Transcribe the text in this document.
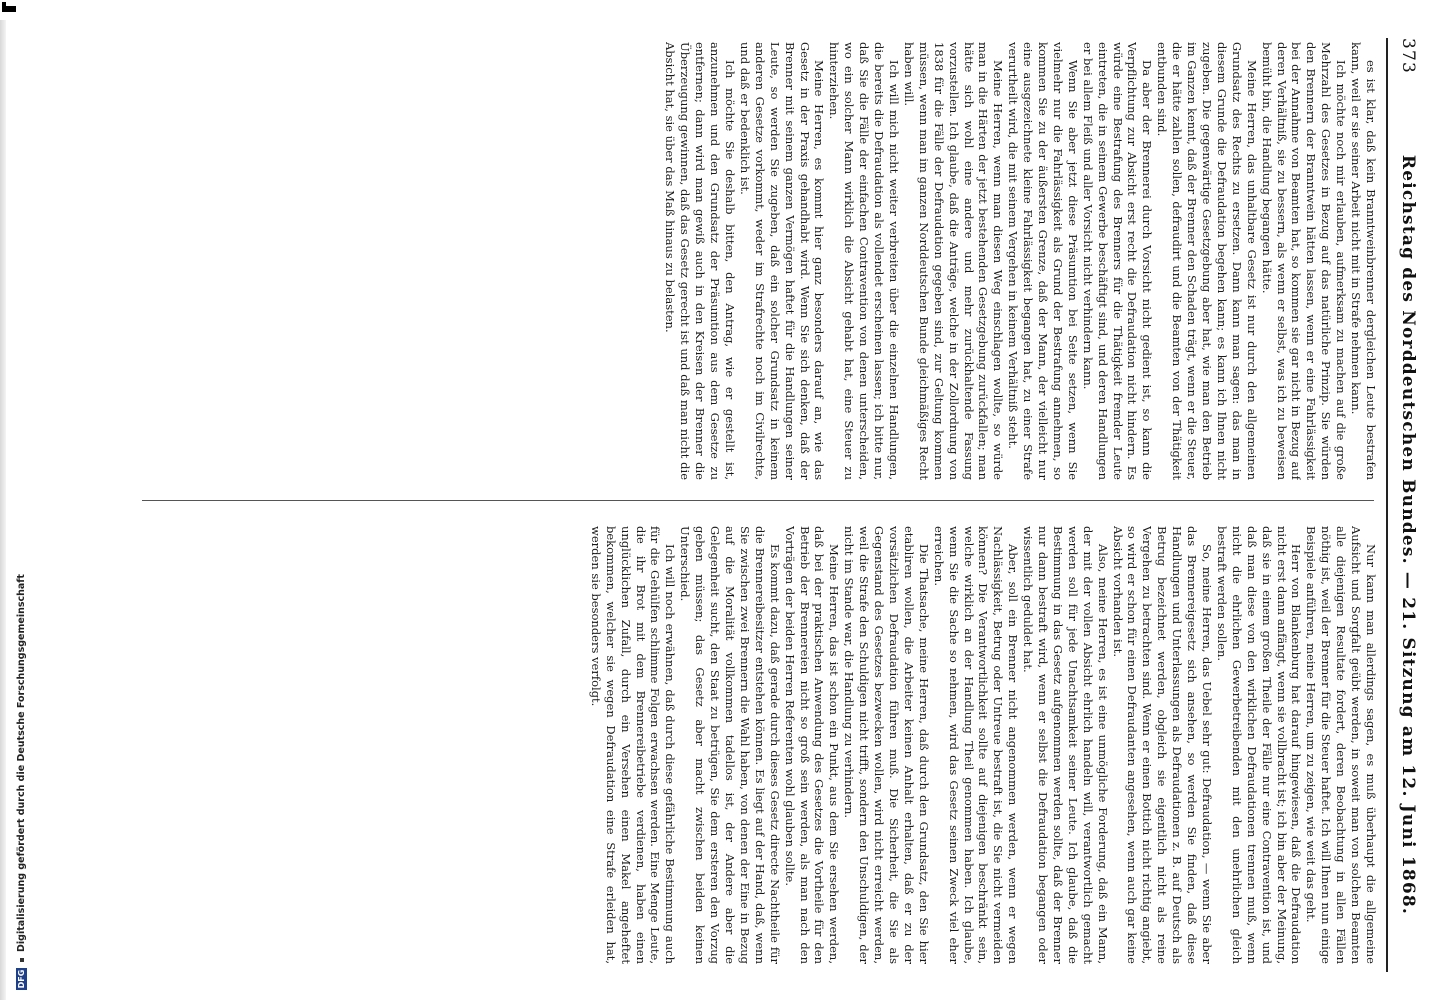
DFG
Digitalisierung gefördert durch die Deutsche Forschungsgemeinschaft
373
Reichstag des Norddeutschen Bundes. — 21. Sitzung am 12. Juni 1868.

es ist klar, daß kein Branntweinbrenner dergleichen Leute bestrafen kann, weil er sie seiner Arbeit nicht mit in Strafe nehmen kann.

Ich möchte noch mir erlauben, aufmerksam zu machen auf die große Mehrzahl des Gesetzes in Bezug auf das natürliche Prinzip. Sie würden den Brennern der Branntwein hätten lassen, wenn er eine Fahrlässigkeit bei der Annahme von Beamten hat, so kommen sie gar nicht in Bezug auf deren Verhältniß, sie zu bessern, als wenn er selbst, was ich zu beweisen bemüht bin, die Handlung begangen hätte.

Meine Herren, das unhaltbare Gesetz ist nur durch den allgemeinen Grundsatz des Rechts zu ersetzen. Dann kann man sagen: das man in diesem Grunde die Defraudation begehen kann; es kann ich Ihnen nicht zugeben. Die gegenwärtige Gesetzgebung aber hat, wie man den Betrieb im Ganzen kennt, daß der Brenner den Schaden trägt, wenn er die Steuer, die er hätte zahlen sollen, defraudirt und die Beamten von der Thätigkeit entbunden sind.

Da aber der Brennerei durch Vorsicht nicht gedient ist, so kann die Verpflichtung zur Absicht erst recht die Defraudation nicht hindern. Es würde eine Bestrafung des Brenners für die Thätigkeit fremder Leute eintreten, die in seinem Gewerbe beschäftigt sind, und deren Handlungen er bei allem Fleiß und aller Vorsicht nicht verhindern kann.

Wenn Sie aber jetzt diese Präsumtion bei Seite setzen, wenn Sie vielmehr nur die Fahrlässigkeit als Grund der Bestrafung annehmen, so kommen Sie zu der äußersten Grenze, daß der Mann, der vielleicht nur eine ausgezeichnete kleine Fahrlässigkeit begangen hat, zu einer Strafe verurtheilt wird, die mit seinem Vergehen in keinem Verhältniß steht.

Meine Herren, wenn man diesen Weg einschlagen wollte, so würde man in die Härten der jetzt bestehenden Gesetzgebung zurückfallen; man hätte sich wohl eine andere und mehr zurückhaltende Fassung vorzustellen. Ich glaube, daß die Anträge, welche in der Zollordnung von 1838 für die Fälle der Defraudation gegeben sind, zur Geltung kommen müssen, wenn man im ganzen Norddeutschen Bunde gleichmäßiges Recht haben will.

Ich will mich nicht weiter verbreiten über die einzelnen Handlungen, die bereits die Defraudation als vollendet erscheinen lassen; ich bitte nur, daß Sie die Fälle der einfachen Contravention von denen unterscheiden, wo ein solcher Mann wirklich die Absicht gehabt hat, eine Steuer zu hinterziehen.

Meine Herren, es kommt hier ganz besonders darauf an, wie das Gesetz in der Praxis gehandhabt wird. Wenn Sie sich denken, daß der Brenner mit seinem ganzen Vermögen haftet für die Handlungen seiner Leute, so werden Sie zugeben, daß ein solcher Grundsatz in keinem anderen Gesetze vorkommt, weder im Strafrechte noch im Civilrechte, und daß er bedenklich ist.

Ich möchte Sie deshalb bitten, den Antrag, wie er gestellt ist, anzunehmen und den Grundsatz der Präsumtion aus dem Gesetze zu entfernen; dann wird man gewiß auch in den Kreisen der Brenner die Überzeugung gewinnen, daß das Gesetz gerecht ist und daß man nicht die Absicht hat, sie über das Maß hinaus zu belasten.

Nur kann man allerdings sagen, es muß überhaupt die allgemeine Aufsicht und Sorgfalt geübt werden, in soweit man von solchen Beamten alle diejenigen Resultate fordert, deren Beobachtung in allen Fällen nöthig ist, weil der Brenner für die Steuer haftet. Ich will Ihnen nun einige Beispiele anführen, meine Herren, um zu zeigen, wie weit das geht.

Herr von Blankenburg hat darauf hingewiesen, daß die Defraudation nicht erst dann anfängt, wenn sie vollbracht ist; ich bin aber der Meinung, daß sie in einem großen Theile der Fälle nur eine Contravention ist, und daß man diese von den wirklichen Defraudationen trennen muß, wenn nicht die ehrlichen Gewerbetreibenden mit den unehrlichen gleich bestraft werden sollen.

So, meine Herren, das Uebel sehr gut: Defraudation, — wenn Sie aber das Brennereigesetz sich ansehen, so werden Sie finden, daß diese Handlungen und Unterlassungen als Defraudationen z. B. auf Deutsch als Betrug bezeichnet werden, obgleich sie eigentlich nicht als reine Vergehen zu betrachten sind. Wenn er einen Bottich nicht richtig angiebt, so wird er schon für einen Defraudanten angesehen, wenn auch gar keine Absicht vorhanden ist.

Also, meine Herren, es ist eine unmögliche Forderung, daß ein Mann, der mit der vollen Absicht ehrlich handeln will, verantwortlich gemacht werden soll für jede Unachtsamkeit seiner Leute. Ich glaube, daß die Bestimmung in das Gesetz aufgenommen werden sollte, daß der Brenner nur dann bestraft wird, wenn er selbst die Defraudation begangen oder wissentlich geduldet hat.

Aber, soll ein Brenner nicht angenommen werden, wenn er wegen Nachlässigkeit, Betrug oder Untreue bestraft ist, die Sie nicht vermeiden können? Die Verantwortlichkeit sollte auf diejenigen beschränkt sein, welche wirklich an der Handlung Theil genommen haben. Ich glaube, wenn Sie die Sache so nehmen, wird das Gesetz seinen Zweck viel eher erreichen.

Die Thatsache, meine Herren, daß durch den Grundsatz, den Sie hier etabliren wollen, die Arbeiter keinen Anhalt erhalten, daß er zu der vorsätzlichen Defraudation führen muß. Die Sicherheit, die Sie als Gegenstand des Gesetzes bezwecken wollen, wird nicht erreicht werden, weil die Strafe den Schuldigen nicht trifft, sondern den Unschuldigen, der nicht im Stande war, die Handlung zu verhindern.

Meine Herren, das ist schon ein Punkt, aus dem Sie ersehen werden, daß bei der praktischen Anwendung des Gesetzes die Vortheile für den Betrieb der Brennereien nicht so groß sein werden, als man nach den Vorträgen der beiden Herren Referenten wohl glauben sollte.

Es kommt dazu, daß gerade durch dieses Gesetz directe Nachtheile für die Brennereibesitzer entstehen können. Es liegt auf der Hand, daß, wenn Sie zwischen zwei Brennern die Wahl haben, von denen der Eine in Bezug auf die Moralität vollkommen tadellos ist, der Andere aber die Gelegenheit sucht, den Staat zu betrügen, Sie dem ersteren den Vorzug geben müssen; das Gesetz aber macht zwischen beiden keinen Unterschied.

Ich will noch erwähnen, daß durch diese gefährliche Bestimmung auch für die Gehülfen schlimme Folgen erwachsen werden. Eine Menge Leute, die ihr Brot mit dem Brennereibetriebe verdienen, haben einen unglücklichen Zufall, durch ein Versehen einen Makel angeheftet bekommen, welcher sie wegen Defraudation eine Strafe erleiden hat, werden sie besonders verfolgt.
